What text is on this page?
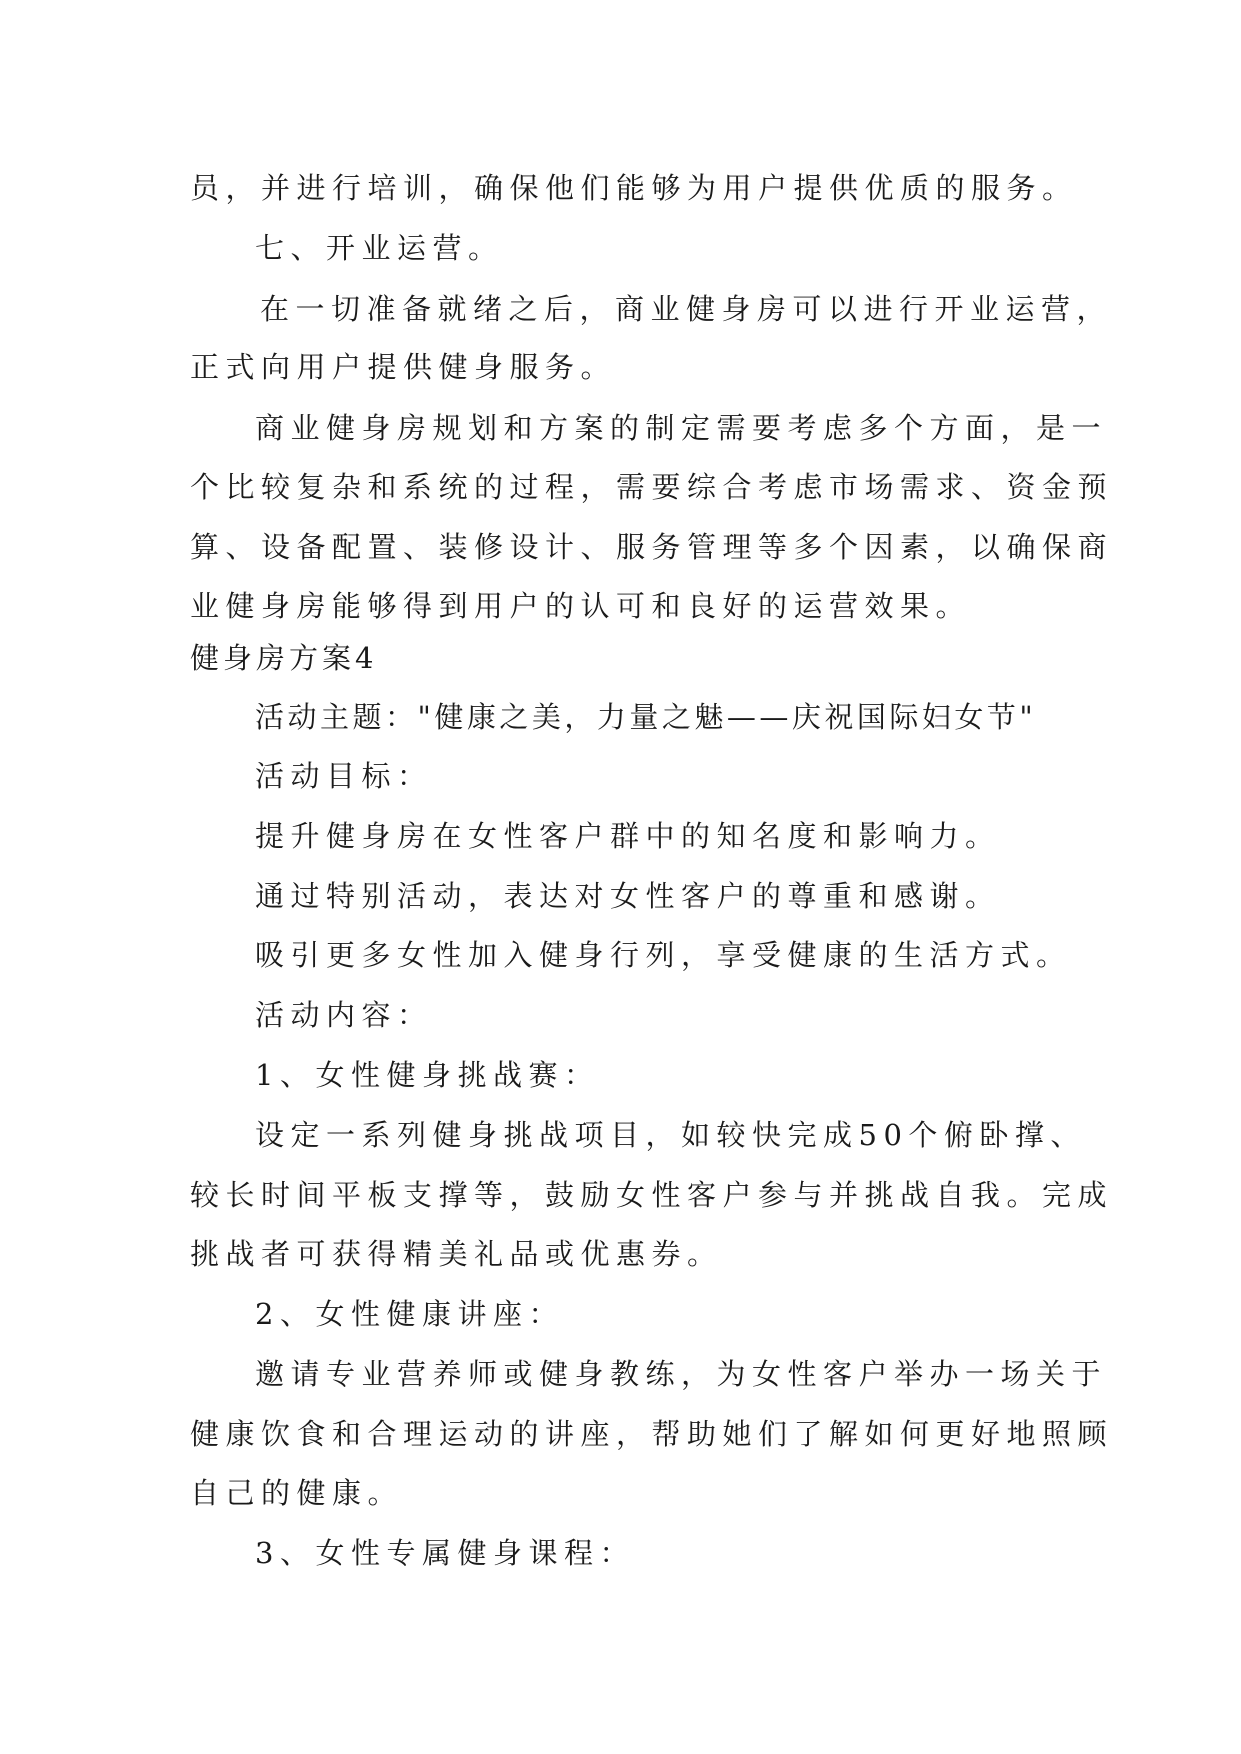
员，并进行培训，确保他们能够为用户提供优质的服务。
七、开业运营。
在一切准备就绪之后，商业健身房可以进行开业运营，
正式向用户提供健身服务。
商业健身房规划和方案的制定需要考虑多个方面，是一
个比较复杂和系统的过程，需要综合考虑市场需求、资金预
算、设备配置、装修设计、服务管理等多个因素，以确保商
业健身房能够得到用户的认可和良好的运营效果。
健身房方案4
活动主题："健康之美，力量之魅——庆祝国际妇女节"
活动目标：
提升健身房在女性客户群中的知名度和影响力。
通过特别活动，表达对女性客户的尊重和感谢。
吸引更多女性加入健身行列，享受健康的生活方式。
活动内容：
1、女性健身挑战赛：
设定一系列健身挑战项目，如较快完成50个俯卧撑、
较长时间平板支撑等，鼓励女性客户参与并挑战自我。完成
挑战者可获得精美礼品或优惠券。
2、女性健康讲座：
邀请专业营养师或健身教练，为女性客户举办一场关于
健康饮食和合理运动的讲座，帮助她们了解如何更好地照顾
自己的健康。
3、女性专属健身课程：
